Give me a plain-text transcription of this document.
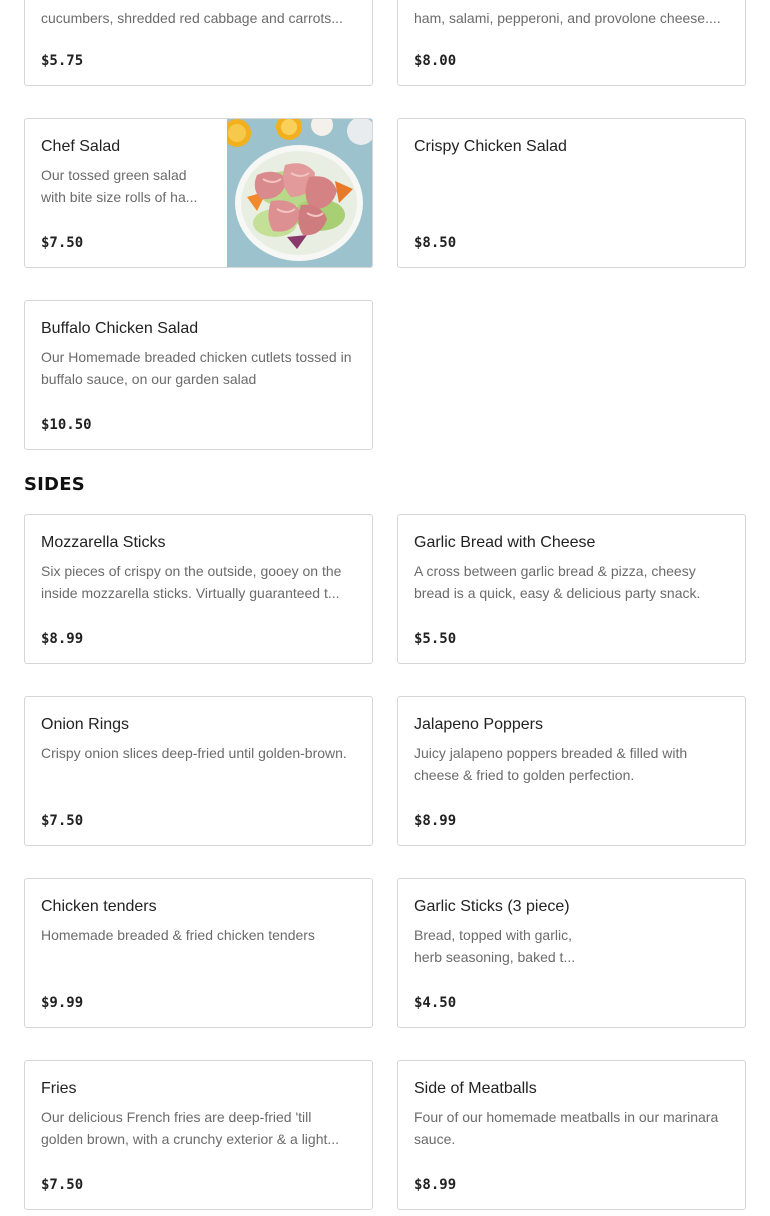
cucumbers, shredded red cabbage and carrots...
$5.75
ham, salami, pepperoni, and provolone cheese....
$8.00
Chef Salad
Our tossed green salad with bite size rolls of ha...
$7.50
Crispy Chicken Salad
$8.50
Buffalo Chicken Salad
Our Homemade breaded chicken cutlets tossed in buffalo sauce, on our garden salad
$10.50
SIDES
Mozzarella Sticks
Six pieces of crispy on the outside, gooey on the inside mozzarella sticks. Virtually guaranteed t...
$8.99
Garlic Bread with Cheese
A cross between garlic bread & pizza, cheesy bread is a quick, easy & delicious party snack.
$5.50
Onion Rings
Crispy onion slices deep-fried until golden-brown.
$7.50
Jalapeno Poppers
Juicy jalapeno poppers breaded & filled with cheese & fried to golden perfection.
$8.99
Chicken tenders
Homemade breaded & fried chicken tenders
$9.99
Garlic Sticks (3 piece)
Bread, topped with garlic, herb seasoning, baked t...
$4.50
Fries
Our delicious French fries are deep-fried 'till golden brown, with a crunchy exterior & a light...
$7.50
Side of Meatballs
Four of our homemade meatballs in our marinara sauce.
$8.99
